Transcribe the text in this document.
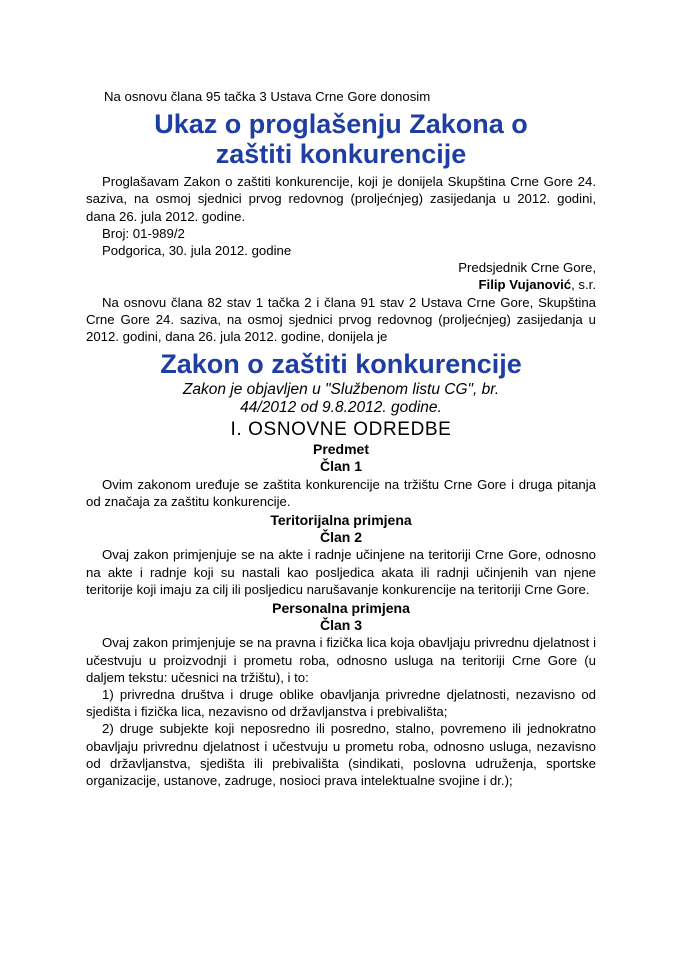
Na osnovu člana 95 tačka 3 Ustava Crne Gore donosim

Ukaz o proglašenju Zakona o zaštiti konkurencije

Proglašavam Zakon o zaštiti konkurencije, koji je donijela Skupština Crne Gore 24. saziva, na osmoj sjednici prvog redovnog (proljećnjeg) zasijedanja u 2012. godini, dana 26. jula 2012. godine.

Broj: 01-989/2

Podgorica, 30. jula 2012. godine

Predsjednik Crne Gore,

Filip Vujanović, s.r.

Na osnovu člana 82 stav 1 tačka 2 i člana 91 stav 2 Ustava Crne Gore, Skupština Crne Gore 24. saziva, na osmoj sjednici prvog redovnog (proljećnjeg) zasijedanja u 2012. godini, dana 26. jula 2012. godine, donijela je

Zakon o zaštiti konkurencije

Zakon je objavljen u "Službenom listu CG", br. 44/2012 od 9.8.2012. godine.

I. OSNOVNE ODREDBE

Predmet

Član 1

Ovim zakonom uređuje se zaštita konkurencije na tržištu Crne Gore i druga pitanja od značaja za zaštitu konkurencije.

Teritorijalna primjena

Član 2

Ovaj zakon primjenjuje se na akte i radnje učinjene na teritoriji Crne Gore, odnosno na akte i radnje koji su nastali kao posljedica akata ili radnji učinjenih van njene teritorije koji imaju za cilj ili posljedicu narušavanje konkurencije na teritoriji Crne Gore.

Personalna primjena

Član 3

Ovaj zakon primjenjuje se na pravna i fizička lica koja obavljaju privrednu djelatnost i učestvuju u proizvodnji i prometu roba, odnosno usluga na teritoriji Crne Gore (u daljem tekstu: učesnici na tržištu), i to:

1) privredna društva i druge oblike obavljanja privredne djelatnosti, nezavisno od sjedišta i fizička lica, nezavisno od državljanstva i prebivališta;

2) druge subjekte koji neposredno ili posredno, stalno, povremeno ili jednokratno obavljaju privrednu djelatnost i učestvuju u prometu roba, odnosno usluga, nezavisno od državljanstva, sjedišta ili prebivališta (sindikati, poslovna udruženja, sportske organizacije, ustanove, zadruge, nosioci prava intelektualne svojine i dr.);
